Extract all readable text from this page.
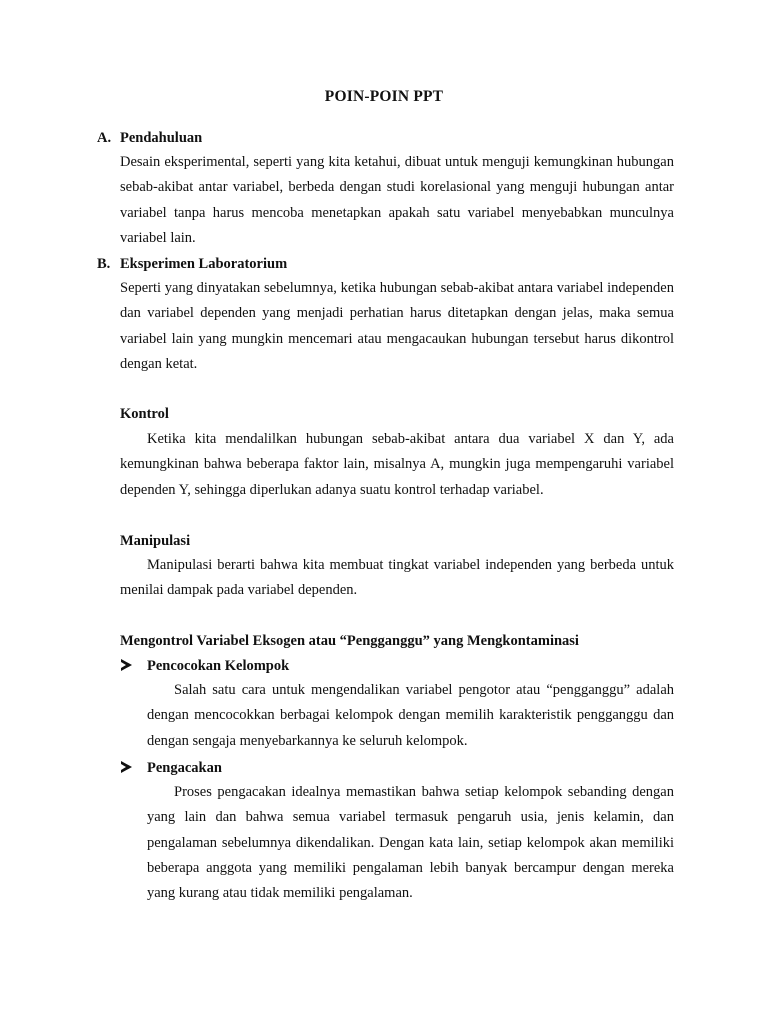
POIN-POIN PPT
A. Pendahuluan

Desain eksperimental, seperti yang kita ketahui, dibuat untuk menguji kemungkinan hubungan sebab-akibat antar variabel, berbeda dengan studi korelasional yang menguji hubungan antar variabel tanpa harus mencoba menetapkan apakah satu variabel menyebabkan munculnya variabel lain.

B. Eksperimen Laboratorium

Seperti yang dinyatakan sebelumnya, ketika hubungan sebab-akibat antara variabel independen dan variabel dependen yang menjadi perhatian harus ditetapkan dengan jelas, maka semua variabel lain yang mungkin mencemari atau mengacaukan hubungan tersebut harus dikontrol dengan ketat.

Kontrol

Ketika kita mendalilkan hubungan sebab-akibat antara dua variabel X dan Y, ada kemungkinan bahwa beberapa faktor lain, misalnya A, mungkin juga mempengaruhi variabel dependen Y, sehingga diperlukan adanya suatu kontrol terhadap variabel.

Manipulasi

Manipulasi berarti bahwa kita membuat tingkat variabel independen yang berbeda untuk menilai dampak pada variabel dependen.

Mengontrol Variabel Eksogen atau “Pengganggu” yang Mengkontaminasi
Pencocokan Kelompok

Salah satu cara untuk mengendalikan variabel pengotor atau “pengganggu” adalah dengan mencocokkan berbagai kelompok dengan memilih karakteristik pengganggu dan dengan sengaja menyebarkannya ke seluruh kelompok.

Pengacakan

Proses pengacakan idealnya memastikan bahwa setiap kelompok sebanding dengan yang lain dan bahwa semua variabel termasuk pengaruh usia, jenis kelamin, dan pengalaman sebelumnya dikendalikan. Dengan kata lain, setiap kelompok akan memiliki beberapa anggota yang memiliki pengalaman lebih banyak bercampur dengan mereka yang kurang atau tidak memiliki pengalaman.
